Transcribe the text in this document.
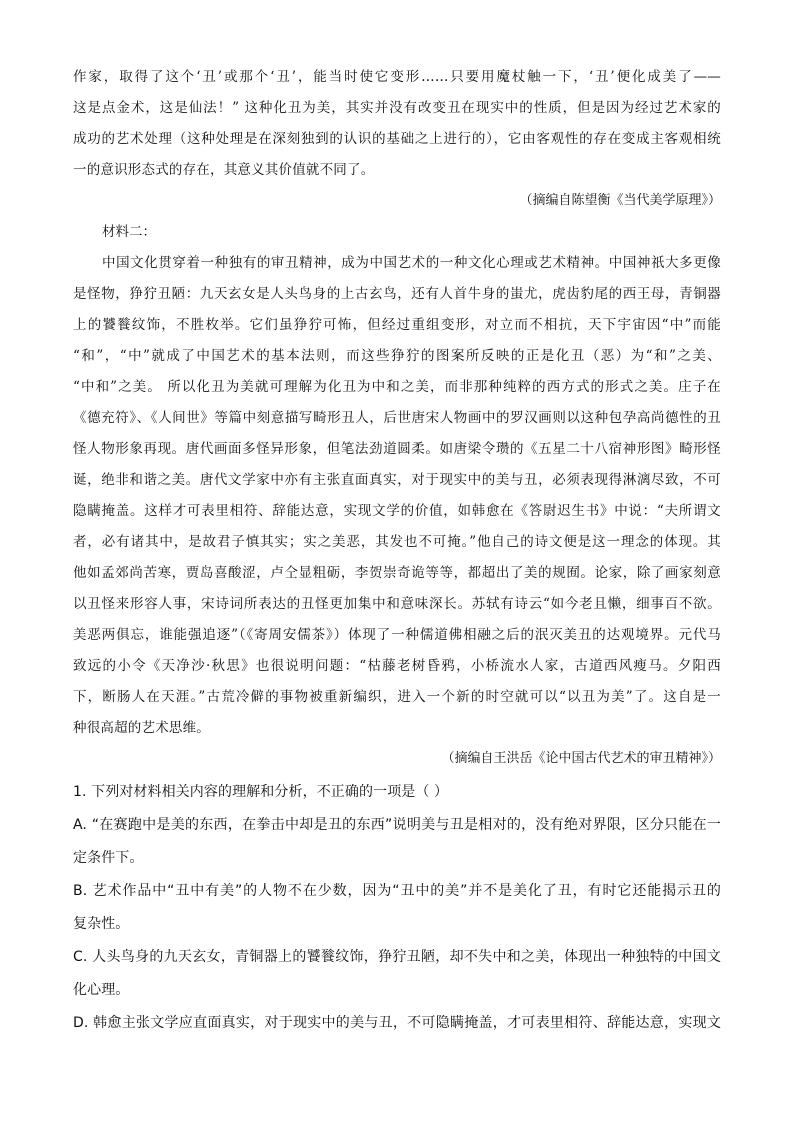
作家，取得了这个‘丑’或那个‘丑’，能当时使它变形……只要用魔杖触一下，‘丑’便化成美了——
这是点金术，这是仙法！” 这种化丑为美，其实并没有改变丑在现实中的性质，但是因为经过艺术家的
成功的艺术处理（这种处理是在深刻独到的认识的基础之上进行的），它由客观性的存在变成主客观相统
一的意识形态式的存在，其意义其价值就不同了。
（摘编自陈望衡《当代美学原理》）
材料二：
中国文化贯穿着一种独有的审丑精神，成为中国艺术的一种文化心理或艺术精神。中国神祇大多更像
是怪物，狰狞丑陋：九天玄女是人头鸟身的上古玄鸟，还有人首牛身的蚩尤，虎齿豹尾的西王母，青铜器
上的饕餮纹饰，不胜枚举。它们虽狰狞可怖，但经过重组变形，对立而不相抗，天下宇宙因“中”而能
“和”，“中”就成了中国艺术的基本法则，而这些狰狞的图案所反映的正是化丑（恶）为“和”之美、
“中和”之美。 所以化丑为美就可理解为化丑为中和之美，而非那种纯粹的西方式的形式之美。庄子在
《德充符》、《人间世》等篇中刻意描写畸形丑人，后世唐宋人物画中的罗汉画则以这种包孕高尚德性的丑
怪人物形象再现。唐代画面多怪异形象，但笔法劲道圆柔。如唐梁令瓒的《五星二十八宿神形图》畸形怪
诞，绝非和谐之美。唐代文学家中亦有主张直面真实，对于现实中的美与丑，必须表现得淋漓尽致，不可
隐瞒掩盖。这样才可表里相符、辞能达意，实现文学的价值，如韩愈在《答尉迟生书》中说：“夫所谓文
者，必有诸其中，是故君子慎其实；实之美恶，其发也不可掩。”他自己的诗文便是这一理念的体现。其
他如孟郊尚苦寒，贾岛喜酸涩，卢仝显粗砺，李贺崇奇诡等等，都超出了美的规囿。论家，除了画家刻意
以丑怪来形容人事，宋诗词所表达的丑怪更加集中和意味深长。苏轼有诗云“如今老且懒，细事百不欲。
美恶两俱忘，谁能强追逐”（《寄周安儒茶》）体现了一种儒道佛相融之后的泯灭美丑的达观境界。元代马
致远的小令《天净沙·秋思》也很说明问题：“枯藤老树昏鸦，小桥流水人家，古道西风瘦马。夕阳西
下，断肠人在天涯。”古荒冷僻的事物被重新编织，进入一个新的时空就可以“以丑为美”了。这自是一
种很高超的艺术思维。
（摘编自王洪岳《论中国古代艺术的审丑精神》）
1. 下列对材料相关内容的理解和分析，不正确的一项是（ ）
A. “在赛跑中是美的东西，在拳击中却是丑的东西”说明美与丑是相对的，没有绝对界限，区分只能在一
定条件下。
B. 艺术作品中“丑中有美”的人物不在少数，因为“丑中的美”并不是美化了丑，有时它还能揭示丑的
复杂性。
C. 人头鸟身的九天玄女，青铜器上的饕餮纹饰，狰狞丑陋，却不失中和之美，体现出一种独特的中国文
化心理。
D. 韩愈主张文学应直面真实，对于现实中的美与丑，不可隐瞒掩盖，才可表里相符、辞能达意，实现文
